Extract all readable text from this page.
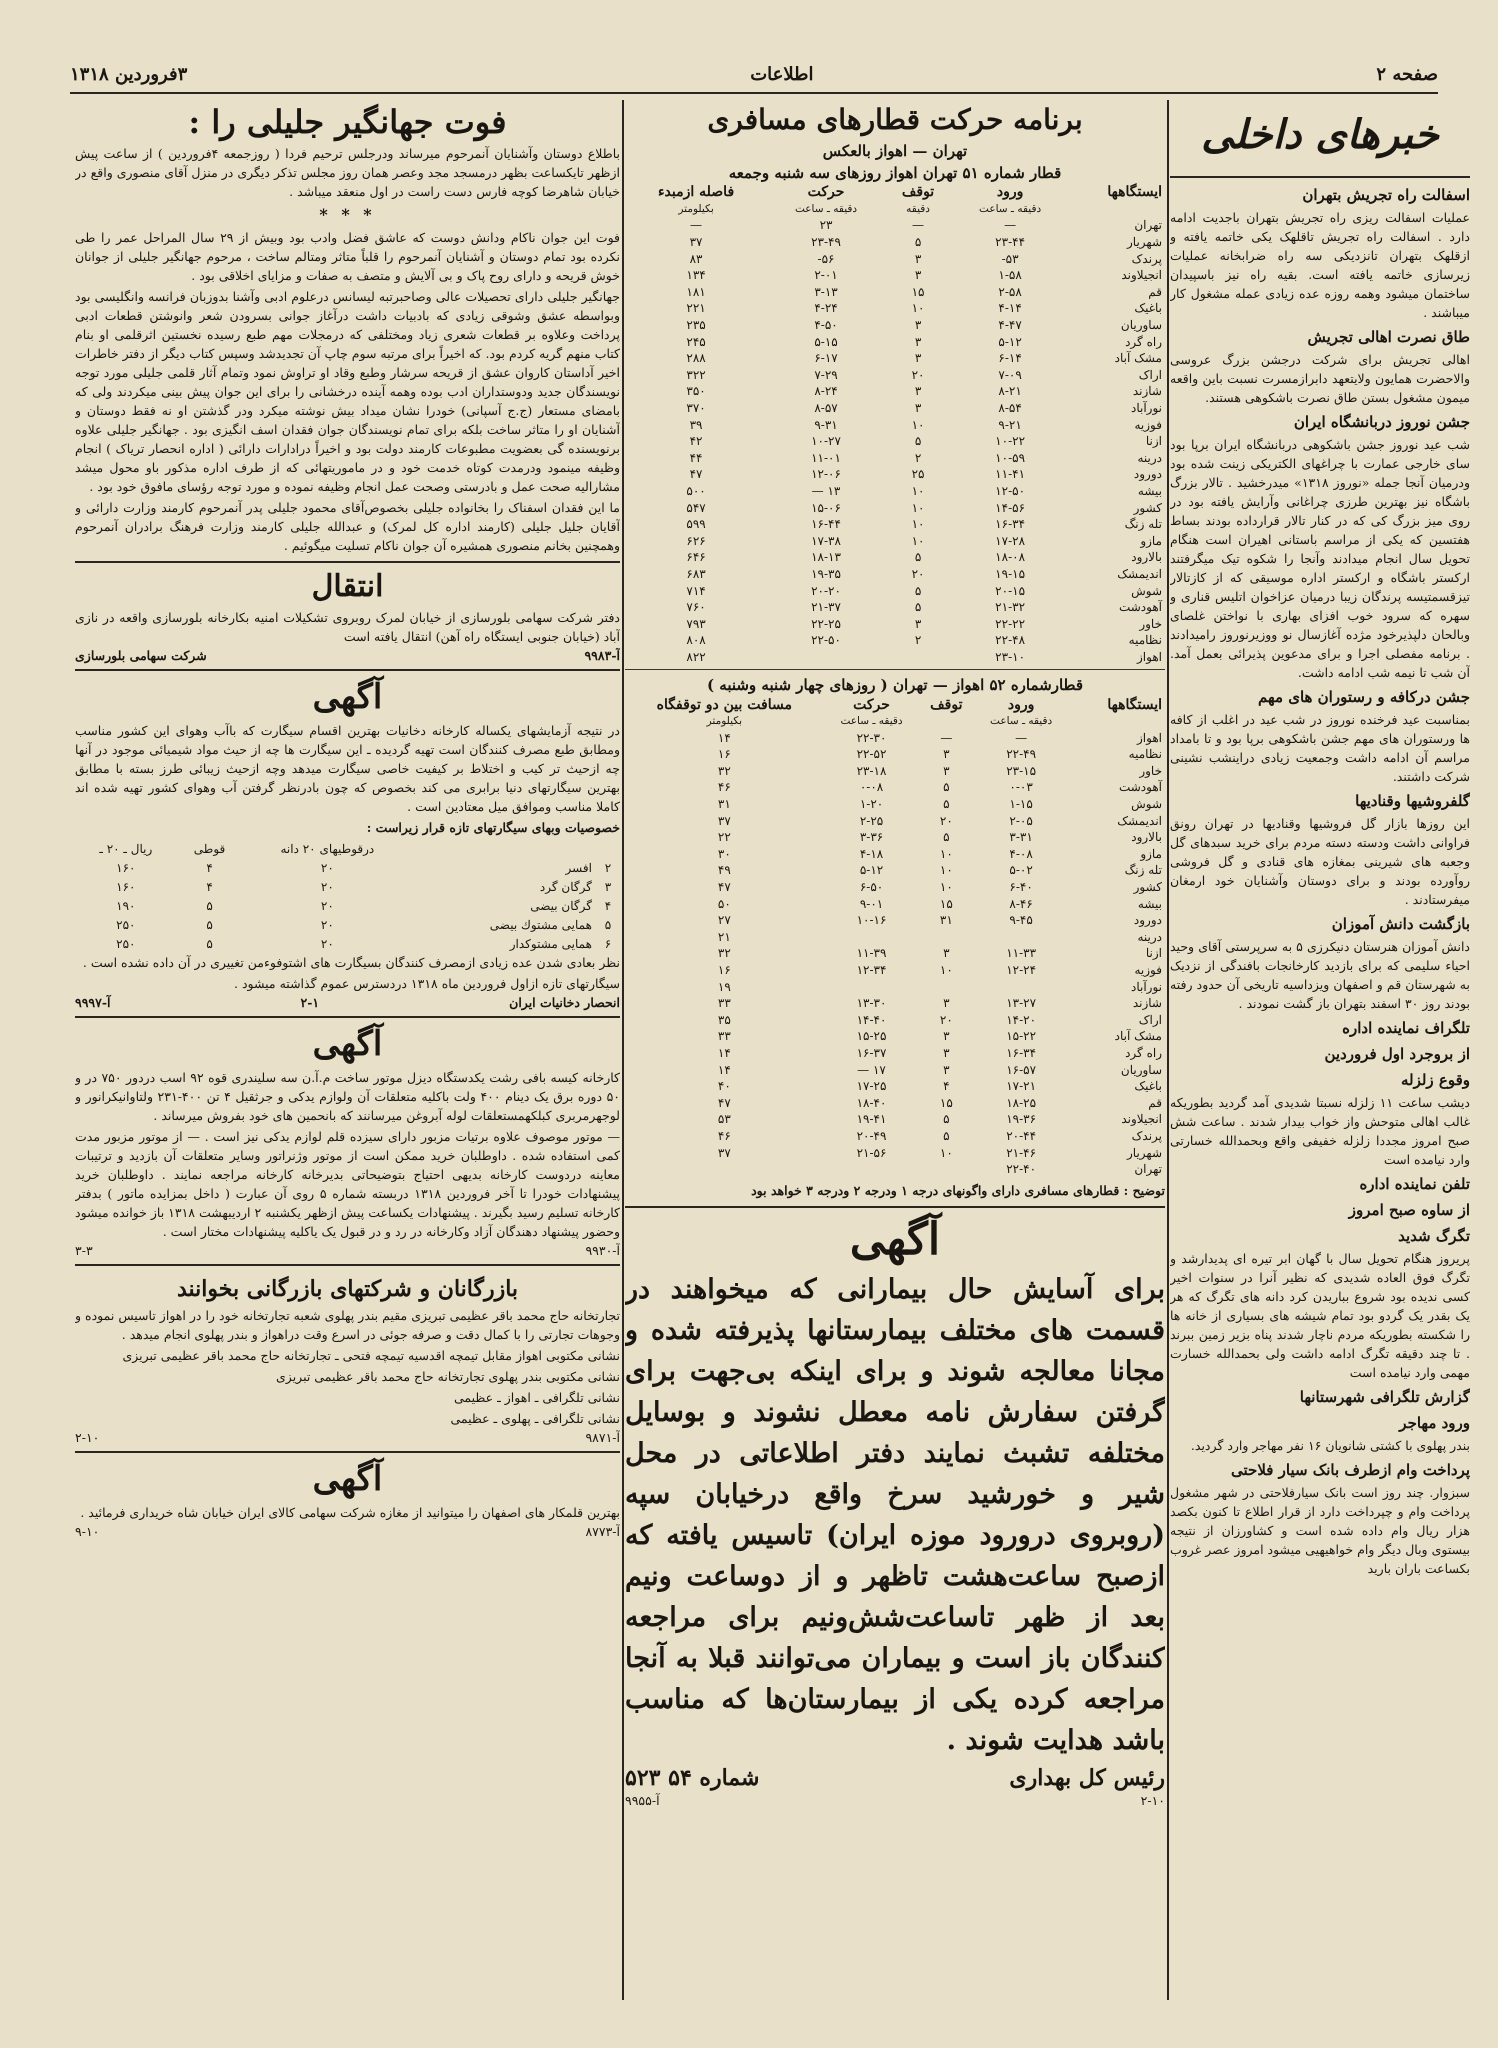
صفحه ۲
اطلاعات
۳فروردین ۱۳۱۸
خبرهای داخلی
اسفالت راه تجریش بتهران
عملیات اسفالت ریزی راه تجریش بتهران باجدیت ادامه دارد . اسفالت راه تجریش تاقلهک یکی خاتمه یافته و ازقلهک بتهران تانزدیکی سه راه ضرابخانه عملیات زیرسازی خاتمه یافته است. بقیه راه نیز باسپیدان ساختمان میشود وهمه روزه عده زیادی عمله مشغول کار میباشند .
طاق نصرت اهالی تجریش
اهالی تجریش برای شرکت درجشن بزرگ عروسی والاحضرت همایون ولایتعهد دابرازمسرت نسبت باین واقعه میمون مشغول بستن طاق نصرت باشکوهی هستند.
جشن نوروز دربانشگاه ایران
شب عید نوروز جشن باشکوهی دربانشگاه ایران برپا بود سای خارجی عمارت با چراغهای الکتریکی زینت شده بود ودرمیان آنجا جمله «نوروز ۱۳۱۸» میدرخشید . تالار بزرگ باشگاه نیز بهترین طرزی چراغانی وآرایش یافته بود در روی میز بزرگ کی که در کنار تالار قرارداده بودند بساط هفتسین که یکی از مراسم باستانی اهیران است هنگام تحویل سال انجام میدادند وآنجا را شکوه تیک میگرفتند ارکستر باشگاه و ارکستر اداره موسیقی که از کازتالار تیزقسمتیسه پرندگان زیبا درمیان عزاخوان اتلیس قناری و سهره که سرود خوب افزای بهاری با نواختن غلصای وبالحان دلپذیرخود مژده آغازسال نو ووزیرنوروز رامیدادند . برنامه مفصلی اجرا و برای مدعوین پذیرائی بعمل آمد. آن شب تا نیمه شب ادامه داشت.
جشن درکافه و رستوران های مهم
بمناسبت عید فرخنده نوروز در شب عید در اغلب از کافه ها ورستوران های مهم جشن باشکوهی برپا بود و تا بامداد مراسم آن ادامه داشت وجمعیت زیادی دراینشب نشینی شرکت داشتند.
گلفروشیها وقنادیها
این روزها بازار گل فروشیها وقنادیها در تهران رونق فراوانی داشت ودسته دسته مردم برای خرید سبدهای گل وجعبه های شیرینی بمغازه های قنادی و گل فروشی روآورده بودند و برای دوستان وآشنایان خود ارمغان میفرستادند .
بازگشت دانش آموزان
دانش آموزان هنرستان دنیکرزی ۵ به سرپرستی آقای وحید احیاء سلیمی که برای بازدید کارخانجات بافندگی از نزدیک به شهرستان قم و اصفهان ویزداسیه تاریخی آن حدود رفته بودند روز ۳۰ اسفند بتهران باز گشت نمودند .
تلگراف نماینده اداره
از بروجرد اول فروردین
وقوع زلزله
دیشب ساعت ۱۱ زلزله نسبتا شدیدی آمد گردید بطوریکه غالب اهالی متوحش واز خواب بیدار شدند . ساعت شش صبح امروز مجددا زلزله خفیفی واقع وبحمدالله خسارتی وارد نیامده است
تلفن نماینده اداره
از ساوه صبح امروز
تگرگ شدید
پریروز هنگام تحویل سال با گهان ابر تیره ای پدیدارشد و تگرگ فوق العاده شدیدی که نظیر آنرا در سنوات اخیر کسی ندیده بود شروع بباریدن کرد دانه های تگرگ که هر یک بقدر یک گردو بود تمام شیشه های بسیاری از خانه ها را شکسته بطوریکه مردم ناچار شدند پناه بزیر زمین ببرند . تا چند دقیقه تگرگ ادامه داشت ولی بحمدالله خسارت مهمی وارد نیامده است
گزارش تلگرافی شهرستانها
ورود مهاجر
بندر پهلوی با کشتی شانویان ۱۶ نفر مهاجر وارد گردید.
پرداخت وام ازطرف بانک سیار فلاحتی
سبزوار. چند روز است بانک سیارفلاحتی در شهر مشغول پرداخت وام و چپرداخت دارد از قرار اطلاع تا کنون بکصد هزار ریال وام داده شده است و کشاورزان از نتیجه بیستوی وبال دیگر وام خواهیهیی میشود امروز عصر غروب بکساعت باران بارید
برنامه حرکت قطارهای مسافری
تهران — اهواز بالعکس
قطار شماره ۵۱ تهران اهواز روزهای سه شنبه وجمعه
ایستگاهها	ورود	توقف	حرکت	فاصله ازمبدء
	دقیقه ـ ساعت	دقیقه	دقیقه ـ ساعت	بکیلومتر
تهران	—	—	۲۳	—
شهریار	۲۳-۴۴	۵	۲۳-۴۹	۳۷
پرندک	۵۳-	۳	۵۶-	۸۳
انجیلاوند	۱-۵۸	۳	۲-۰۱	۱۳۴
قم	۲-۵۸	۱۵	۳-۱۳	۱۸۱
باغیک	۴-۱۴	۱۰	۴-۲۴	۲۲۱
ساوریان	۴-۴۷	۳	۴-۵۰	۲۳۵
راه گرد	۵-۱۲	۳	۵-۱۵	۲۴۵
مشک آباد	۶-۱۴	۳	۶-۱۷	۲۸۸
اراک	۷-۰۹	۲۰	۷-۲۹	۳۲۲
شازند	۸-۲۱	۳	۸-۲۴	۳۵۰
نورآباد	۸-۵۴	۳	۸-۵۷	۳۷۰
فوزیه	۹-۲۱	۱۰	۹-۳۱	۳۹
ازنا	۱۰-۲۲	۵	۱۰-۲۷	۴۲
درینه	۱۰-۵۹	۲	۱۱-۰۱	۴۴
دورود	۱۱-۴۱	۲۵	۱۲-۰۶	۴۷
بیشه	۱۲-۵۰	۱۰	۱۳ —	۵۰۰
کشور	۱۴-۵۶	۱۰	۱۵-۰۶	۵۴۷
تله زنگ	۱۶-۳۴	۱۰	۱۶-۴۴	۵۹۹
مازو	۱۷-۲۸	۱۰	۱۷-۳۸	۶۲۶
بالارود	۱۸-۰۸	۵	۱۸-۱۳	۶۴۶
اندیمشک	۱۹-۱۵	۲۰	۱۹-۳۵	۶۸۳
شوش	۲۰-۱۵	۵	۲۰-۲۰	۷۱۴
آهودشت	۲۱-۳۲	۵	۲۱-۳۷	۷۶۰
خاور	۲۲-۲۲	۳	۲۲-۲۵	۷۹۳
نظامیه	۲۲-۴۸	۲	۲۲-۵۰	۸۰۸
اهواز	۲۳-۱۰			۸۲۲
قطارشماره ۵۲ اهواز — تهران ( روزهای چهار شنبه وشنبه )
ایستگاهها	ورود	توقف	حرکت	مسافت بین دو توقفگاه
	دقیقه ـ ساعت		دقیقه ـ ساعت	بکیلومتر
اهواز	—	—	۲۲-۳۰	۱۴
نظامیه	۲۲-۴۹	۳	۲۲-۵۲	۱۶
خاور	۲۳-۱۵	۳	۲۳-۱۸	۳۲
آهودشت	۰-۰۳	۵	۰-۰۸	۴۶
شوش	۱-۱۵	۵	۱-۲۰	۳۱
اندیمشک	۲-۰۵	۲۰	۲-۲۵	۳۷
بالارود	۳-۳۱	۵	۳-۳۶	۲۲
مازو	۴-۰۸	۱۰	۴-۱۸	۳۰
تله زنگ	۵-۰۲	۱۰	۵-۱۲	۴۹
کشور	۶-۴۰	۱۰	۶-۵۰	۴۷
بیشه	۸-۴۶	۱۵	۹-۰۱	۵۰
دورود	۹-۴۵	۳۱	۱۰-۱۶	۲۷
درینه				۲۱
ازنا	۱۱-۳۳	۳	۱۱-۳۹	۳۲
فوزیه	۱۲-۲۴	۱۰	۱۲-۳۴	۱۶
نورآباد				۱۹
شازند	۱۳-۲۷	۳	۱۳-۳۰	۳۳
اراک	۱۴-۲۰	۲۰	۱۴-۴۰	۳۵
مشک آباد	۱۵-۲۲	۳	۱۵-۲۵	۳۳
راه گرد	۱۶-۳۴	۳	۱۶-۳۷	۱۴
ساوریان	۱۶-۵۷	۳	۱۷ —	۱۴
باغیک	۱۷-۲۱	۴	۱۷-۲۵	۴۰
قم	۱۸-۲۵	۱۵	۱۸-۴۰	۴۷
انجیلاوند	۱۹-۳۶	۵	۱۹-۴۱	۵۳
پرندک	۲۰-۴۴	۵	۲۰-۴۹	۴۶
شهریار	۲۱-۴۶	۱۰	۲۱-۵۶	۳۷
تهران	۲۲-۴۰			
توضیح : قطارهای مسافری دارای واگونهای درجه ۱ ودرجه ۲ ودرجه ۳ خواهد بود
آگهی
برای آسایش حال بیمارانی که میخواهند در قسمت های مختلف بیمارستانها پذیرفته شده و مجانا معالجه شوند و برای اینکه بی‌جهت برای گرفتن سفارش نامه معطل نشوند و بوسایل مختلفه تشبث نمایند دفتر اطلاعاتی در محل شیر و خورشید سرخ واقع درخیابان سپه (روبروی درورود موزه ایران) تاسیس یافته که ازصبح ساعت‌هشت تاظهر و از دوساعت ونیم بعد از ظهر تاساعت‌شش‌ونیم برای مراجعه کنندگان باز است و بیماران می‌توانند قبلا به آنجا مراجعه کرده یکی از بیمارستان‌ها که مناسب باشد هدایت شوند .
رئیس کل بهداری
شماره ۵۴ ۵۲۳
۲-۱۰
آ-۹۹۵۵
فوت جهانگیر جلیلی را :
باطلاع دوستان وآشنایان آنمرحوم میرساند ودرجلس ترحیم فردا ( روزجمعه ۴فروردین ) از ساعت پیش ازظهر تایکساعت بظهر درمسجد مجد وعصر همان روز مجلس تذکر دیگری در منزل آقای منصوری واقع در خیابان شاهرضا کوچه فارس دست راست در اول منعقد میباشد .
* * *
فوت این جوان ناکام ودانش دوست که عاشق فضل وادب بود وبیش از ۲۹ سال المراحل عمر را طی نکرده بود تمام دوستان و آشنایان آنمرحوم را قلباً متاثر ومتالم ساخت ، مرحوم جهانگیر جلیلی از جوانان خوش قریحه و دارای روح پاک و بی آلایش و متصف به صفات و مزایای اخلاقی بود .
جهانگیر جلیلی دارای تحصیلات عالی وصاحبرتبه لیسانس درعلوم ادبی وآشنا بدوزبان فرانسه وانگلیسی بود وبواسطه عشق وشوقی زیادی که بادبیات داشت درآغاز جوانی بسرودن شعر وانوشتن قطعات ادبی پرداخت وعلاوه بر قطعات شعری زیاد ومختلفی که درمجلات مهم طبع رسیده نخستین اثرقلمی او بنام کتاب منهم گریه کردم بود. که اخیراً برای مرتبه سوم چاپ آن تجدیدشد وسپس کتاب دیگر از دفتر خاطرات اخیر آداستان کاروان عشق از قریحه سرشار وطبع وقاد او تراوش نمود وتمام آثار قلمی جلیلی مورد توجه نویسندگان جدید ودوستداران ادب بوده وهمه آینده درخشانی را برای این جوان پیش بینی میکردند ولی که بامضای مستعار (ج.ج آسپانی) خودرا نشان میداد بیش نوشته میکرد ودر گذشتن او نه فقط دوستان و آشنایان او را متاثر ساخت بلکه برای تمام نویسندگان جوان فقدان اسف انگیزی بود . جهانگیر جلیلی علاوه برنویسنده گی بعضویت مطبوعات کارمند دولت بود و اخیراً درادارات دارائی ( اداره انحصار تریاک ) انجام وظیفه مینمود ودرمدت کوتاه خدمت خود و در ماموریتهائی که از طرف اداره مذکور باو محول میشد مشارالیه صحت عمل و بادرستی وصحت عمل انجام وظیفه نموده و مورد توجه رؤسای مافوق خود بود .
ما این فقدان اسفناک را بخانواده جلیلی بخصوص‌آقای محمود جلیلی پدر آنمرحوم کارمند وزارت دارائی و آقایان جلیل جلیلی (کارمند اداره کل لمرک) و عبدالله جلیلی کارمند وزارت فرهنگ برادران آنمرحوم وهمچنین بخانم منصوری همشیره آن جوان ناکام تسلیت میگوئیم .
انتقال
دفتر شرکت سهامی بلورسازی از خیابان لمرک روبروی تشکیلات امنیه بکارخانه بلورسازی واقعه در نازی آباد (خیابان جنوبی ایستگاه راه آهن) انتقال یافته است
آ-۹۹۸۳
شرکت سهامی بلورسازی
آگهی
در نتیجه آزمایشهای یکساله کارخانه دخانیات بهترین اقسام سیگارت که باآب وهوای این کشور مناسب ومطابق طبع مصرف کنندگان است تهیه گردیده ـ این سیگارت ها چه از حیث مواد شیمیائی موجود در آنها چه ازحیث تر کیب و اختلاط بر کیفیت خاصی سیگارت میدهد وچه ازحیث زیبائی طرز بسته با مطابق بهترین سیگارتهای دنیا برابری می کند بخصوص که چون بادرنظر گرفتن آب وهوای کشور تهیه شده اند کاملا مناسب وموافق میل معتادین است .
خصوصیات وبهای سیگارتهای تازه قرار زیراست :
		درقوطیهای ۲۰ دانه	قوطی	ریال ـ ۲۰ ـ
۲	افسر	۲۰	۴	۱۶۰
۳	گرگان گرد	۲۰	۴	۱۶۰
۴	گرگان بیضی	۲۰	۵	۱۹۰
۵	همایی مشتوك بیضی	۲۰	۵	۲۵۰
۶	همایی مشتوکدار	۲۰	۵	۲۵۰
نظر بعادی شدن عده زیادی ازمصرف کنندگان بسیگارت های اشتوفوءمن تغییری در آن داده نشده است .
سیگارتهای تازه ازاول فروردین ماه ۱۳۱۸ دردسترس عموم گذاشته میشود .
انحصار دخانیات ایران
۲-۱
آ-۹۹۹۷
آگهی
کارخانه کیسه بافی رشت یکدستگاه دیزل موتور ساخت م.آ.ن سه سلیندری قوه ۹۲ اسب دردور ۷۵۰ در و ۵۰ دوره برق یک دینام ۴۰۰ ولت باکلیه متعلقات آن ولوازم یدکی و جرثقیل ۴ تن ۴۰۰-۲۳۱ ولتاوانیکرانور و لوجهرمربری کبلکهمستعلقات لوله آبروغن میرسانند که بانحمین های خود بفروش میرساند .
— موتور موصوف علاوه برتیات مزبور دارای سیزده قلم لوازم یدکی نیز است . — از موتور مزبور مدت کمی استفاده شده . داوطلبان خرید ممکن است از موتور وژنراتور وسایر متعلقات آن بازدید و ترتیبات معاینه دردوست کارخانه بدیهی احتیاج بتوضیحاتی بدیرخانه کارخانه مراجعه نمایند . داوطلبان خرید پیشنهادات خودرا تا آخر فروردین ۱۳۱۸ دربسته شماره ۵ روی آن عبارت ( داخل بمزایده ماتور ) بدفتر کارخانه تسلیم رسید بگیرند . پیشنهادات یکساعت پیش ازظهر یکشنبه ۲ اردیبهشت ۱۳۱۸ باز خوانده میشود وحضور پیشنهاد دهندگان آزاد وکارخانه در رد و در قبول یک یاکلیه پیشنهادات مختار است .
آ-۹۹۳۰
۳-۳
بازرگانان و شرکتهای بازرگانی بخوانند
تجارتخانه حاج محمد باقر عظیمی تبریزی مقیم بندر پهلوی شعبه تجارتخانه خود را در اهواز تاسیس نموده و وجوهات تجارتی را با کمال دقت و صرفه جوئی در اسرع وقت دراهواز و بندر پهلوی انجام میدهد .
نشانی مکتوبی اهواز مقابل تیمچه اقدسیه تیمچه فتحی ـ تجارتخانه حاج محمد باقر عظیمی تبریزی
نشانی مکتوبی بندر پهلوی تجارتخانه حاج محمد باقر عظیمی تبریزی
نشانی تلگرافی ـ اهواز ـ عظیمی
نشانی تلگرافی ـ پهلوی ـ عظیمی
آ-۹۸۷۱
۲-۱۰
آگهی
بهترین قلمکار های اصفهان را میتوانید از مغازه شرکت سهامی کالای ایران خیابان شاه خریداری فرمائید .
آ-۸۷۷۳
۹-۱۰
